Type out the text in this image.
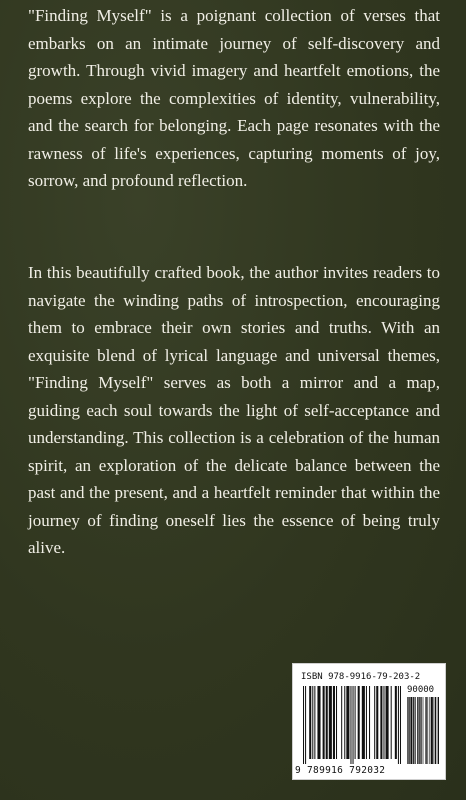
"Finding Myself" is a poignant collection of verses that embarks on an intimate journey of self-discovery and growth. Through vivid imagery and heartfelt emotions, the poems explore the complexities of identity, vulnerability, and the search for belonging. Each page resonates with the rawness of life's experiences, capturing moments of joy, sorrow, and profound reflection.

In this beautifully crafted book, the author invites readers to navigate the winding paths of introspection, encouraging them to embrace their own stories and truths. With an exquisite blend of lyrical language and universal themes, "Finding Myself" serves as both a mirror and a map, guiding each soul towards the light of self-acceptance and understanding. This collection is a celebration of the human spirit, an exploration of the delicate balance between the past and the present, and a heartfelt reminder that within the journey of finding oneself lies the essence of being truly alive.

ISBN 978-9916-79-203-2
90000
9 789916 792032
